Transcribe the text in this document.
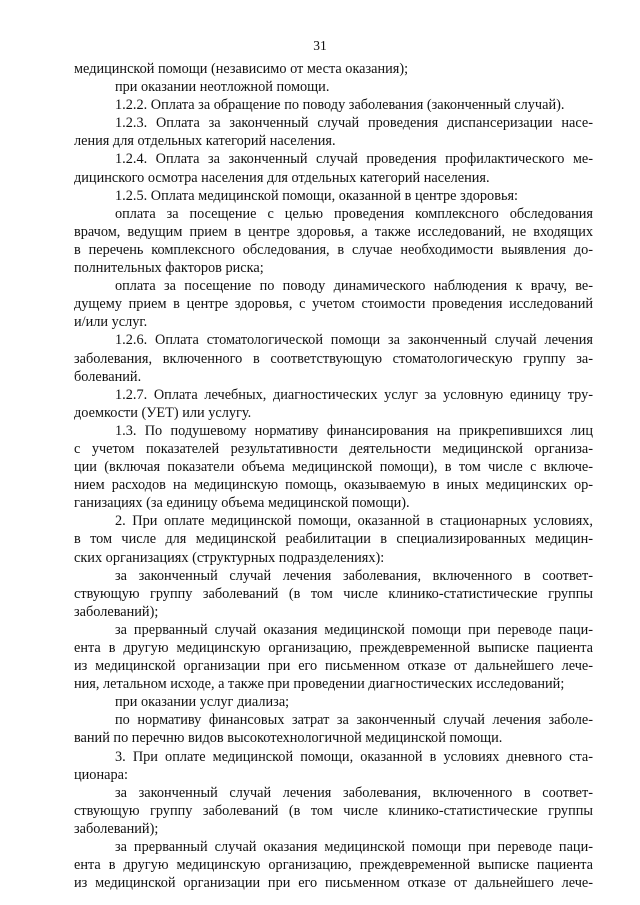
31
медицинской помощи (независимо от места оказания);
при оказании неотложной помощи.
1.2.2. Оплата за обращение по поводу заболевания (законченный случай).
1.2.3. Оплата за законченный случай проведения диспансеризации насе-
ления для отдельных категорий населения.
1.2.4. Оплата за законченный случай проведения профилактического ме-
дицинского осмотра населения для отдельных категорий населения.
1.2.5. Оплата медицинской помощи, оказанной в центре здоровья:
оплата за посещение с целью проведения комплексного обследования
врачом, ведущим прием в центре здоровья, а также исследований, не входящих
в перечень комплексного обследования, в случае необходимости выявления до-
полнительных факторов риска;
оплата за посещение по поводу динамического наблюдения к врачу, ве-
дущему прием в центре здоровья, с учетом стоимости проведения исследований
и/или услуг.
1.2.6. Оплата стоматологической помощи за законченный случай лечения
заболевания, включенного в соответствующую стоматологическую группу за-
болеваний.
1.2.7. Оплата лечебных, диагностических услуг за условную единицу тру-
доемкости (УЕТ) или услугу.
1.3. По подушевому нормативу финансирования на прикрепившихся лиц
с учетом показателей результативности деятельности медицинской организа-
ции (включая показатели объема медицинской помощи), в том числе с включе-
нием расходов на медицинскую помощь, оказываемую в иных медицинских ор-
ганизациях (за единицу объема медицинской помощи).
2. При оплате медицинской помощи, оказанной в стационарных условиях,
в том числе для медицинской реабилитации в специализированных медицин-
ских организациях (структурных подразделениях):
за законченный случай лечения заболевания, включенного в соответ-
ствующую группу заболеваний (в том числе клинико-статистические группы
заболеваний);
за прерванный случай оказания медицинской помощи при переводе паци-
ента в другую медицинскую организацию, преждевременной выписке пациента
из медицинской организации при его письменном отказе от дальнейшего лече-
ния, летальном исходе, а также при проведении диагностических исследований;
при оказании услуг диализа;
по нормативу финансовых затрат за законченный случай лечения заболе-
ваний по перечню видов высокотехнологичной медицинской помощи.
3. При оплате медицинской помощи, оказанной в условиях дневного ста-
ционара:
за законченный случай лечения заболевания, включенного в соответ-
ствующую группу заболеваний (в том числе клинико-статистические группы
заболеваний);
за прерванный случай оказания медицинской помощи при переводе паци-
ента в другую медицинскую организацию, преждевременной выписке пациента
из медицинской организации при его письменном отказе от дальнейшего лече-
